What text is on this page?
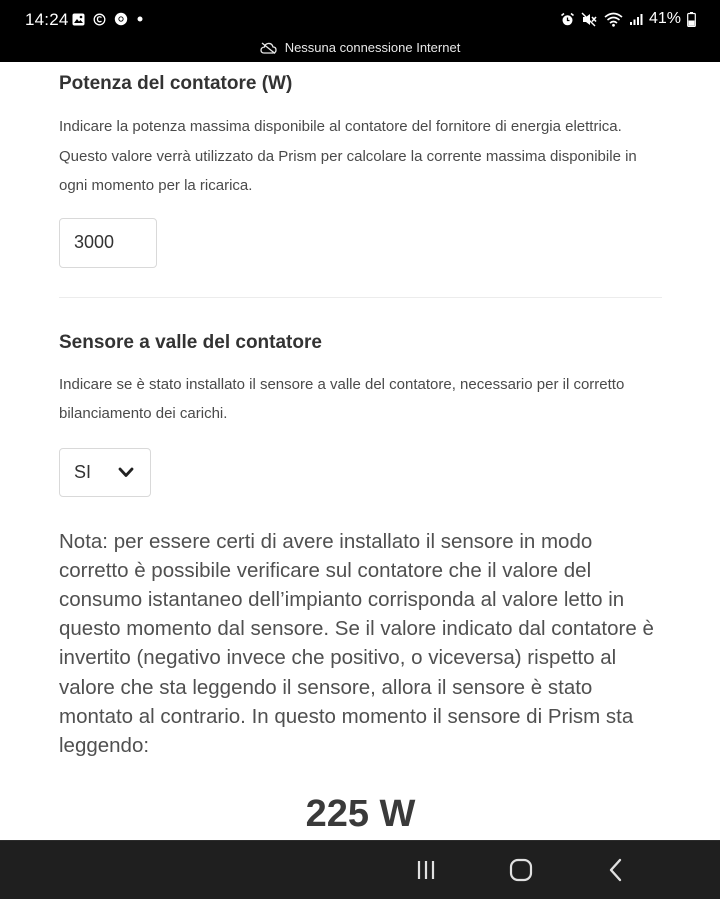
14:24	41%
Nessuna connessione Internet
Potenza del contatore (W)

Indicare la potenza massima disponibile al contatore del fornitore di energia elettrica. Questo valore verrà utilizzato da Prism per calcolare la corrente massima disponibile in ogni momento per la ricarica.

3000
Sensore a valle del contatore

Indicare se è stato installato il sensore a valle del contatore, necessario per il corretto bilanciamento dei carichi.

SI

Nota: per essere certi di avere installato il sensore in modo corretto è possibile verificare sul contatore che il valore del consumo istantaneo dell’impianto corrisponda al valore letto in questo momento dal sensore. Se il valore indicato dal contatore è invertito (negativo invece che positivo, o viceversa) rispetto al valore che sta leggendo il sensore, allora il sensore è stato montato al contrario. In questo momento il sensore di Prism sta leggendo:

225 W
